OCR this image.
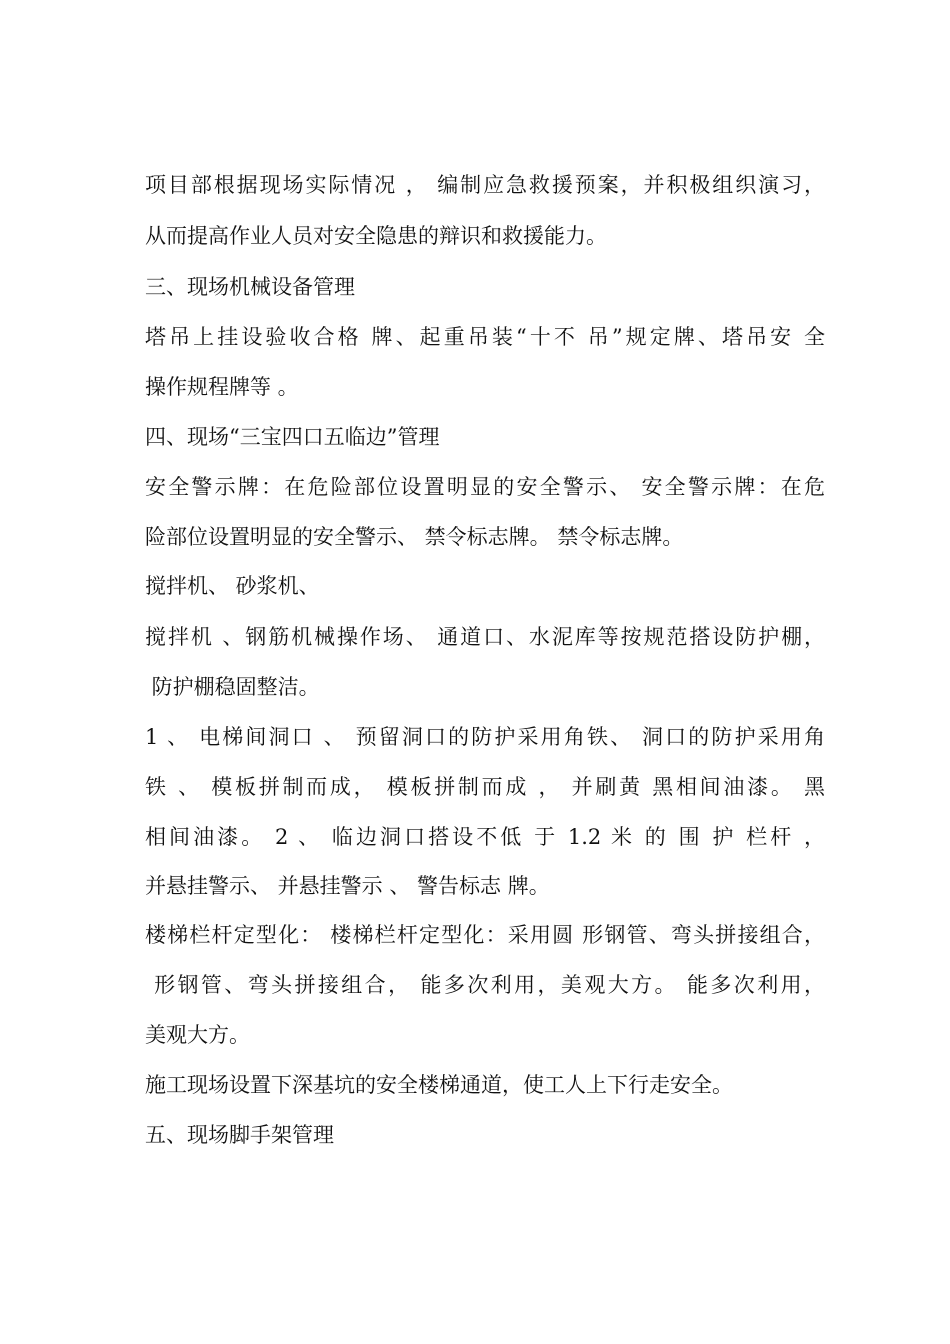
项目部根据现场实际情况 ， 编制应急救援预案，并积极组织演习，
从而提高作业人员对安全隐患的辩识和救援能力。
三、现场机械设备管理
塔吊上挂设验收合格 牌、起重吊装“十不 吊”规定牌、塔吊安 全
操作规程牌等 。
四、现场“三宝四口五临边”管理
安全警示牌：在危险部位设置明显的安全警示、 安全警示牌：在危
险部位设置明显的安全警示、 禁令标志牌。 禁令标志牌。
搅拌机、 砂浆机、
搅拌机 、钢筋机械操作场、 通道口、水泥库等按规范搭设防护棚，
防护棚稳固整洁。
1 、 电梯间洞口 、 预留洞口的防护采用角铁、 洞口的防护采用角
铁 、 模板拼制而成， 模板拼制而成 ， 并刷黄 黑相间油漆。 黑
相间油漆。 2 、 临边洞口搭设不低 于 1.2 米 的 围 护 栏杆 ，
并悬挂警示、 并悬挂警示 、 警告标志 牌。
楼梯栏杆定型化： 楼梯栏杆定型化：采用圆 形钢管、弯头拼接组合，
形钢管、弯头拼接组合， 能多次利用，美观大方。 能多次利用，
美观大方。
施工现场设置下深基坑的安全楼梯通道，使工人上下行走安全。
五、现场脚手架管理
